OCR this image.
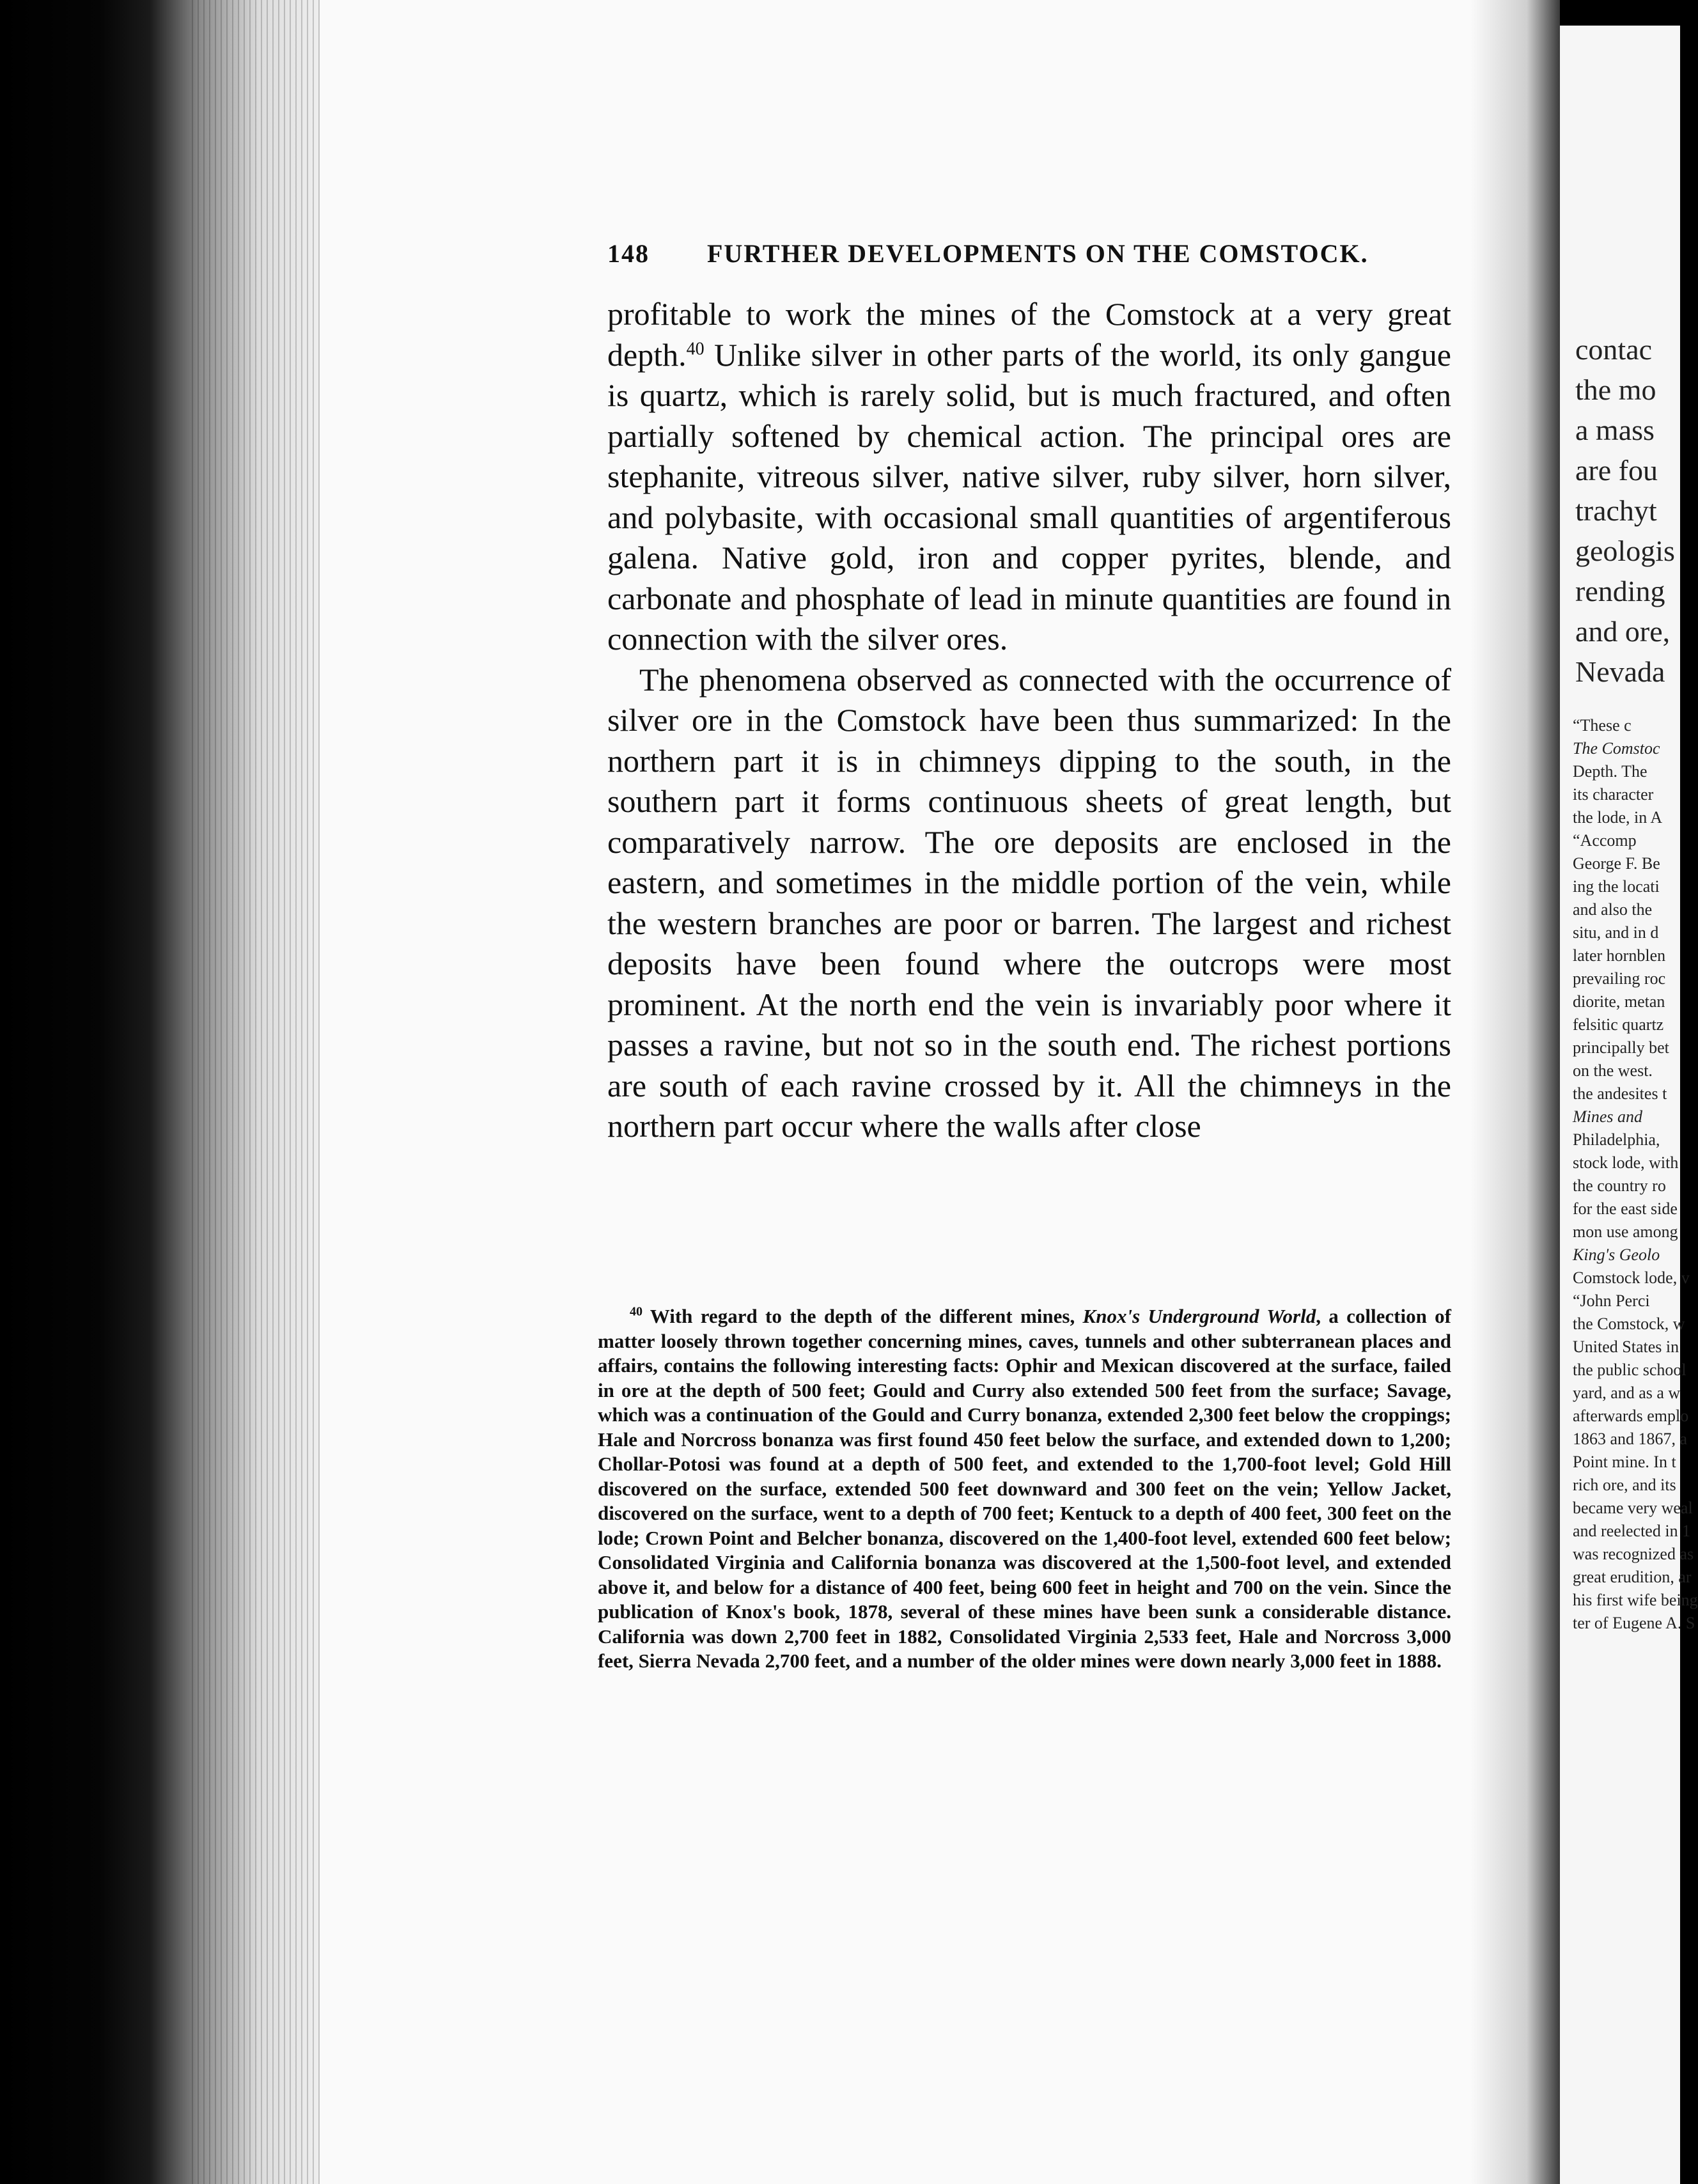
contac
the mo
a mass
are fou
trachyt
geologis
rending
and ore,
Nevada
“These c
The Comstoc
Depth. The
its character
the lode, in A
“Accomp
George F. Be
ing the locati
and also the
situ, and in d
later hornblen
prevailing roc
diorite, metan
felsitic quartz
principally bet
on the west.
the andesites t
Mines and
Philadelphia,
stock lode, with
the country ro
for the east side
mon use among
King's Geolo
Comstock lode, v
“John Perci
the Comstock, w
United States in
the public school
yard, and as a w
afterwards emplo
1863 and 1867, a
Point mine. In t
rich ore, and its
became very weal
and reelected in 1
was recognized as
great erudition, ar
his first wife being
ter of Eugene A. S
148 FURTHER DEVELOPMENTS ON THE COMSTOCK.

profitable to work the mines of the Comstock at a very great depth.$^{40}$ Unlike silver in other parts of the world, its only gangue is quartz, which is rarely solid, but is much fractured, and often partially softened by chemical action. The principal ores are stephanite, vitreous silver, native silver, ruby silver, horn silver, and polybasite, with occasional small quantities of argentiferous galena. Native gold, iron and copper pyrites, blende, and carbonate and phosphate of lead in minute quantities are found in connection with the silver ores.

The phenomena observed as connected with the occurrence of silver ore in the Comstock have been thus summarized: In the northern part it is in chimneys dipping to the south, in the southern part it forms continuous sheets of great length, but comparatively narrow. The ore deposits are enclosed in the eastern, and sometimes in the middle portion of the vein, while the western branches are poor or barren. The largest and richest deposits have been found where the outcrops were most prominent. At the north end the vein is invariably poor where it passes a ravine, but not so in the south end. The richest portions are south of each ravine crossed by it. All the chimneys in the northern part occur where the walls after close

$^{40}$ With regard to the depth of the different mines, Knox's Underground World, a collection of matter loosely thrown together concerning mines, caves, tunnels and other subterranean places and affairs, contains the following interesting facts: Ophir and Mexican discovered at the surface, failed in ore at the depth of 500 feet; Gould and Curry also extended 500 feet from the surface; Savage, which was a continuation of the Gould and Curry bonanza, extended 2,300 feet below the croppings; Hale and Norcross bonanza was first found 450 feet below the surface, and extended down to 1,200; Chollar-Potosi was found at a depth of 500 feet, and extended to the 1,700-foot level; Gold Hill discovered on the surface, extended 500 feet downward and 300 feet on the vein; Yellow Jacket, discovered on the surface, went to a depth of 700 feet; Kentuck to a depth of 400 feet, 300 feet on the lode; Crown Point and Belcher bonanza, discovered on the 1,400-foot level, extended 600 feet below; Consolidated Virginia and California bonanza was discovered at the 1,500-foot level, and extended above it, and below for a distance of 400 feet, being 600 feet in height and 700 on the vein. Since the publication of Knox's book, 1878, several of these mines have been sunk a considerable distance. California was down 2,700 feet in 1882, Consolidated Virginia 2,533 feet, Hale and Norcross 3,000 feet, Sierra Nevada 2,700 feet, and a number of the older mines were down nearly 3,000 feet in 1888.
